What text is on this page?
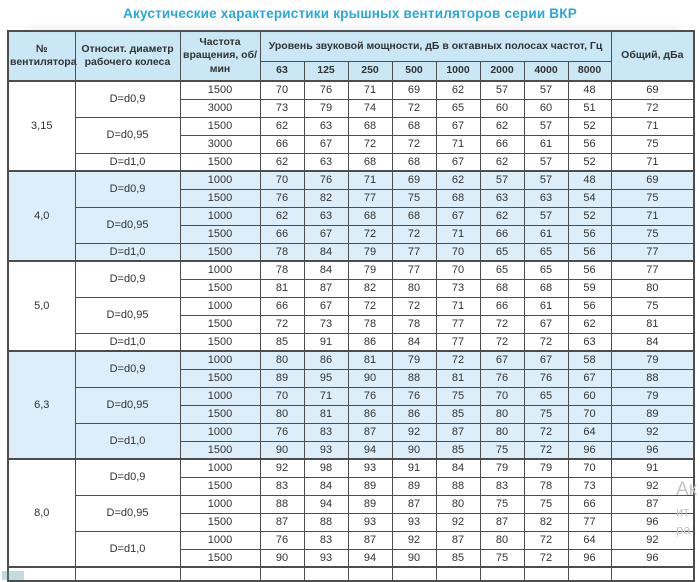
Акустические характеристики крышных вентиляторов серии ВКР
№ вентилятора	Относит. диаметр рабочего колеса	Частота вращения, об/мин	Уровень звуковой мощности, дБ в октавных полосах частот, Гц								Общий, дБа
			63	125	250	500	1000	2000	4000	8000	
3,15	D=d0,9	1500	70	76	71	69	62	57	57	48	69
		3000	73	79	74	72	65	60	60	51	72
	D=d0,95	1500	62	63	68	68	67	62	57	52	71
		3000	66	67	72	72	71	66	61	56	75
	D=d1,0	1500	62	63	68	68	67	62	57	52	71
4,0	D=d0,9	1000	70	76	71	69	62	57	57	48	69
		1500	76	82	77	75	68	63	63	54	75
	D=d0,95	1000	62	63	68	68	67	62	57	52	71
		1500	66	67	72	72	71	66	61	56	75
	D=d1,0	1500	78	84	79	77	70	65	65	56	77
5,0	D=d0,9	1000	78	84	79	77	70	65	65	56	77
		1500	81	87	82	80	73	68	68	59	80
	D=d0,95	1000	66	67	72	72	71	66	61	56	75
		1500	72	73	78	78	77	72	67	62	81
	D=d1,0	1500	85	91	86	84	77	72	72	63	84
6,3	D=d0,9	1000	80	86	81	79	72	67	67	58	79
		1500	89	95	90	88	81	76	76	67	88
	D=d0,95	1000	70	71	76	76	75	70	65	60	79
		1500	80	81	86	86	85	80	75	70	89
	D=d1,0	1000	76	83	87	92	87	80	72	64	92
		1500	90	93	94	90	85	75	72	96	96
8,0	D=d0,9	1000	92	98	93	91	84	79	79	70	91
		1500	83	84	89	89	88	83	78	73	92
	D=d0,95	1000	88	94	89	87	80	75	75	66	87
		1500	87	88	93	93	92	87	82	77	96
	D=d1,0	1000	76	83	87	92	87	80	72	64	92
		1500	90	93	94	90	85	75	72	96	96

Ак
ит
ра
